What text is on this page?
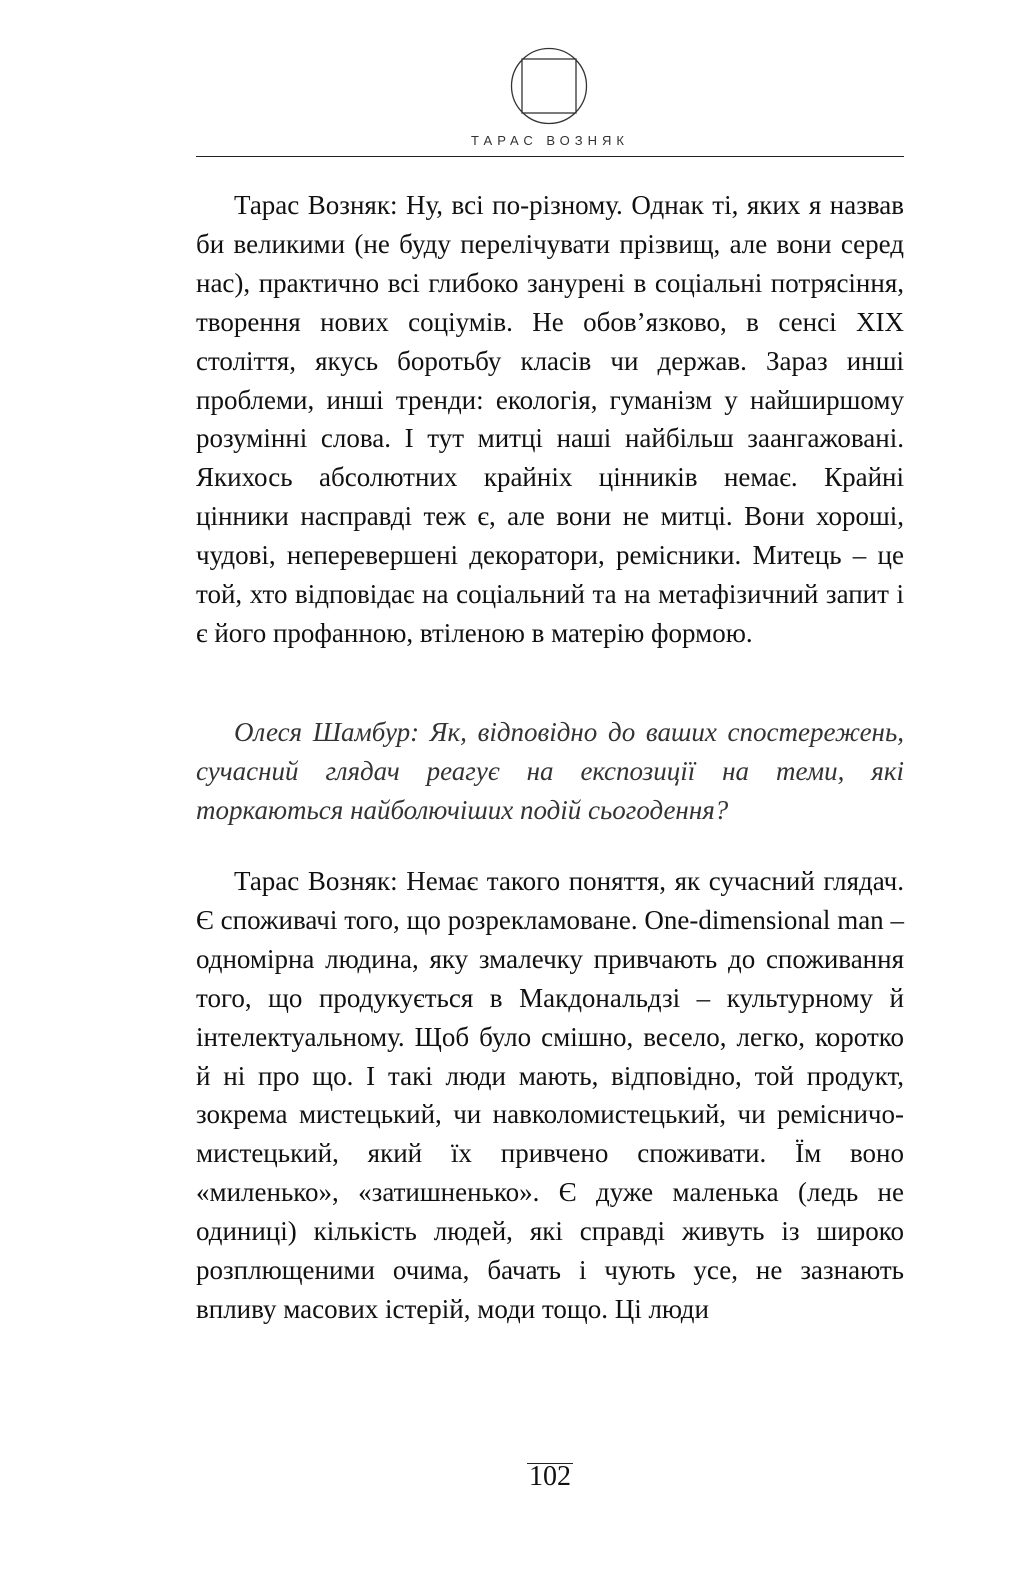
ТАРАС ВОЗНЯК

Тарас Возняк: Ну, всі по-різному. Однак ті, яких я назвав би великими (не буду перелічувати прізвищ, але вони серед нас), практично всі глибоко занурені в соціальні потрясіння, творення нових соціумів. Не обов’язково, в сенсі XIX століття, якусь боротьбу класів чи держав. Зараз инші проблеми, инші тренди: екологія, гуманізм у найширшому розумінні слова. І тут митці наші найбільш заангажовані. Якихось абсолютних крайніх цінників немає. Крайні цінники насправді теж є, але вони не митці. Вони хороші, чудові, неперевершені декоратори, ремісники. Митець – це той, хто відповідає на соціальний та на метафізичний запит і є його профанною, втіленою в матерію формою.

Олеся Шамбур: Як, відповідно до ваших спостережень, сучасний глядач реагує на експозиції на теми, які торкаються найболючіших подій сьогодення?

Тарас Возняк: Немає такого поняття, як сучасний глядач. Є споживачі того, що розрекламоване. One-dimensional man – одномірна людина, яку змалечку привчають до споживання того, що продукується в Макдональдзі – культурному й інтелектуальному. Щоб було смішно, весело, легко, коротко й ні про що. І такі люди мають, відповідно, той продукт, зокрема мистецький, чи навколомистецький, чи ремісничо-мистецький, який їх привчено споживати. Їм воно «миленько», «затишненько». Є дуже маленька (ледь не одиниці) кількість людей, які справді живуть із широко розплющеними очима, бачать і чують усе, не зазнають впливу масових істерій, моди тощо. Ці люди

102
